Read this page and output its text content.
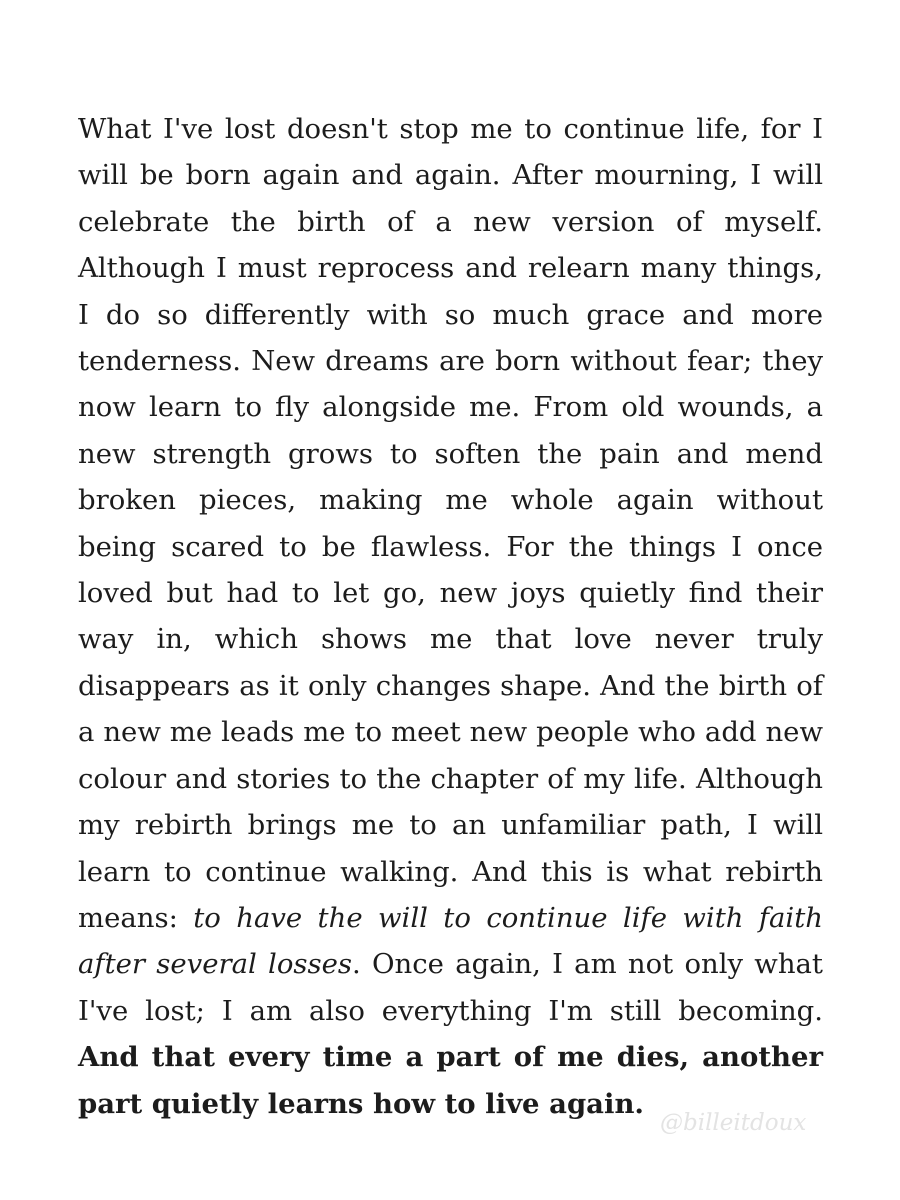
What I've lost doesn't stop me to continue life, for I will be born again and again. After mourning, I will celebrate the birth of a new version of myself. Although I must reprocess and relearn many things, I do so differently with so much grace and more tenderness. New dreams are born without fear; they now learn to fly alongside me. From old wounds, a new strength grows to soften the pain and mend broken pieces, making me whole again without being scared to be flawless. For the things I once loved but had to let go, new joys quietly find their way in, which shows me that love never truly disappears as it only changes shape. And the birth of a new me leads me to meet new people who add new colour and stories to the chapter of my life. Although my rebirth brings me to an unfamiliar path, I will learn to continue walking. And this is what rebirth means: to have the will to continue life with faith after several losses. Once again, I am not only what I've lost; I am also everything I'm still becoming. And that every time a part of me dies, another part quietly learns how to live again.

@billeitdoux
